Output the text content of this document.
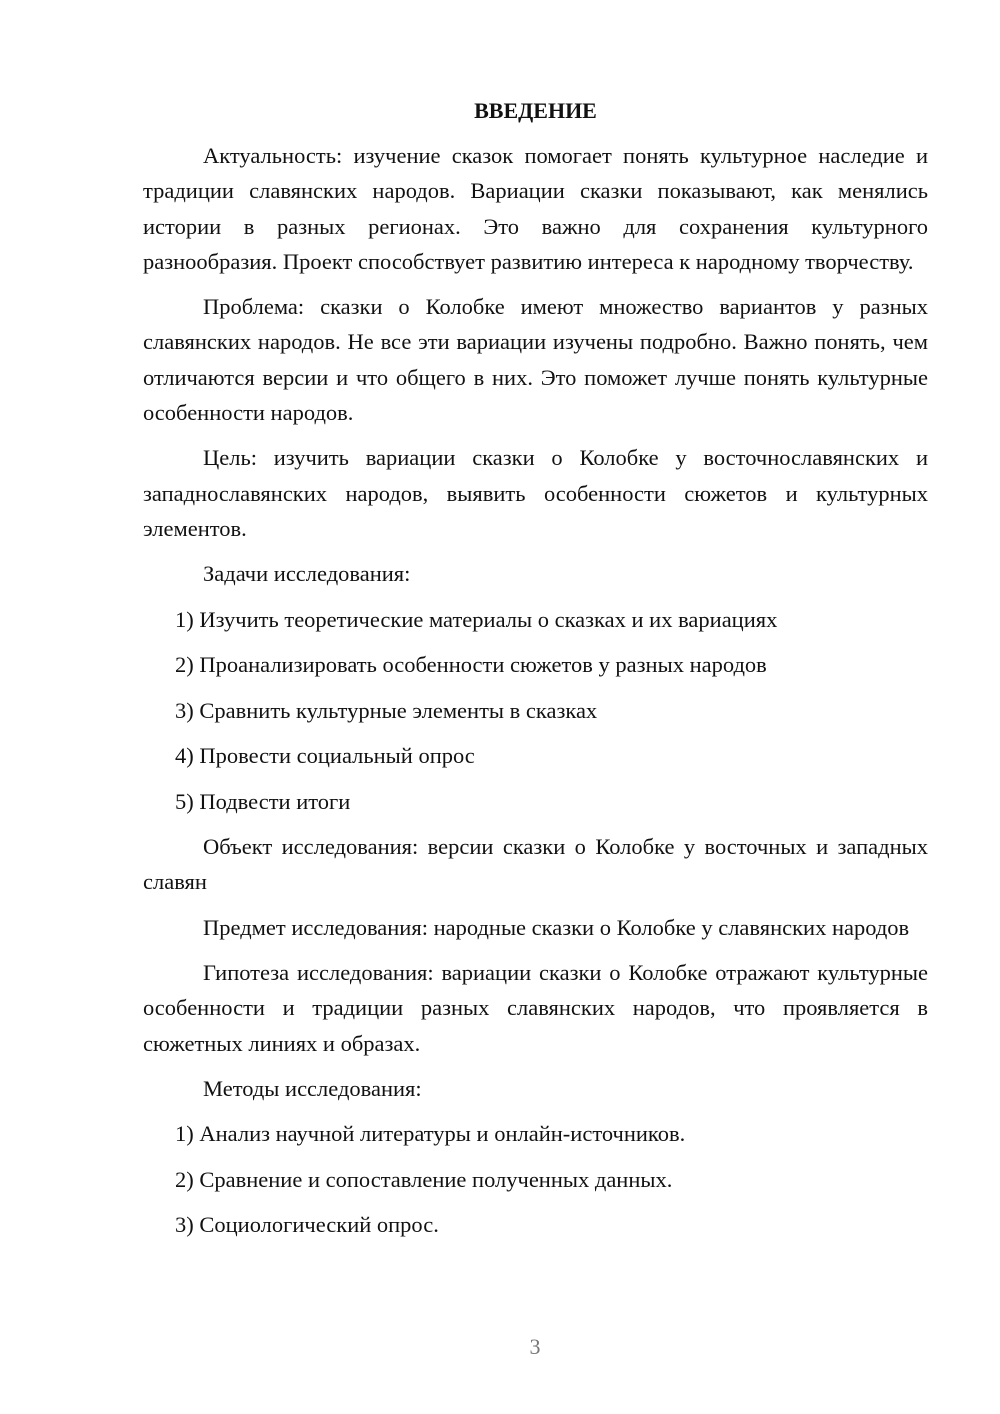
ВВЕДЕНИЕ

Актуальность: изучение сказок помогает понять культурное наследие и традиции славянских народов. Вариации сказки показывают, как менялись истории в разных регионах. Это важно для сохранения культурного разнообразия. Проект способствует развитию интереса к народному творчеству.

Проблема: сказки о Колобке имеют множество вариантов у разных славянских народов. Не все эти вариации изучены подробно. Важно понять, чем отличаются версии и что общего в них. Это поможет лучше понять культурные особенности народов.

Цель: изучить вариации сказки о Колобке у восточнославянских и западнославянских народов, выявить особенности сюжетов и культурных элементов.

Задачи исследования:

1) Изучить теоретические материалы о сказках и их вариациях
2) Проанализировать особенности сюжетов у разных народов
3) Сравнить культурные элементы в сказках
4) Провести социальный опрос
5) Подвести итоги

Объект исследования: версии сказки о Колобке у восточных и западных славян

Предмет исследования: народные сказки о Колобке у славянских народов

Гипотеза исследования: вариации сказки о Колобке отражают культурные особенности и традиции разных славянских народов, что проявляется в сюжетных линиях и образах.

Методы исследования:

1) Анализ научной литературы и онлайн-источников.
2) Сравнение и сопоставление полученных данных.
3) Социологический опрос.
3
